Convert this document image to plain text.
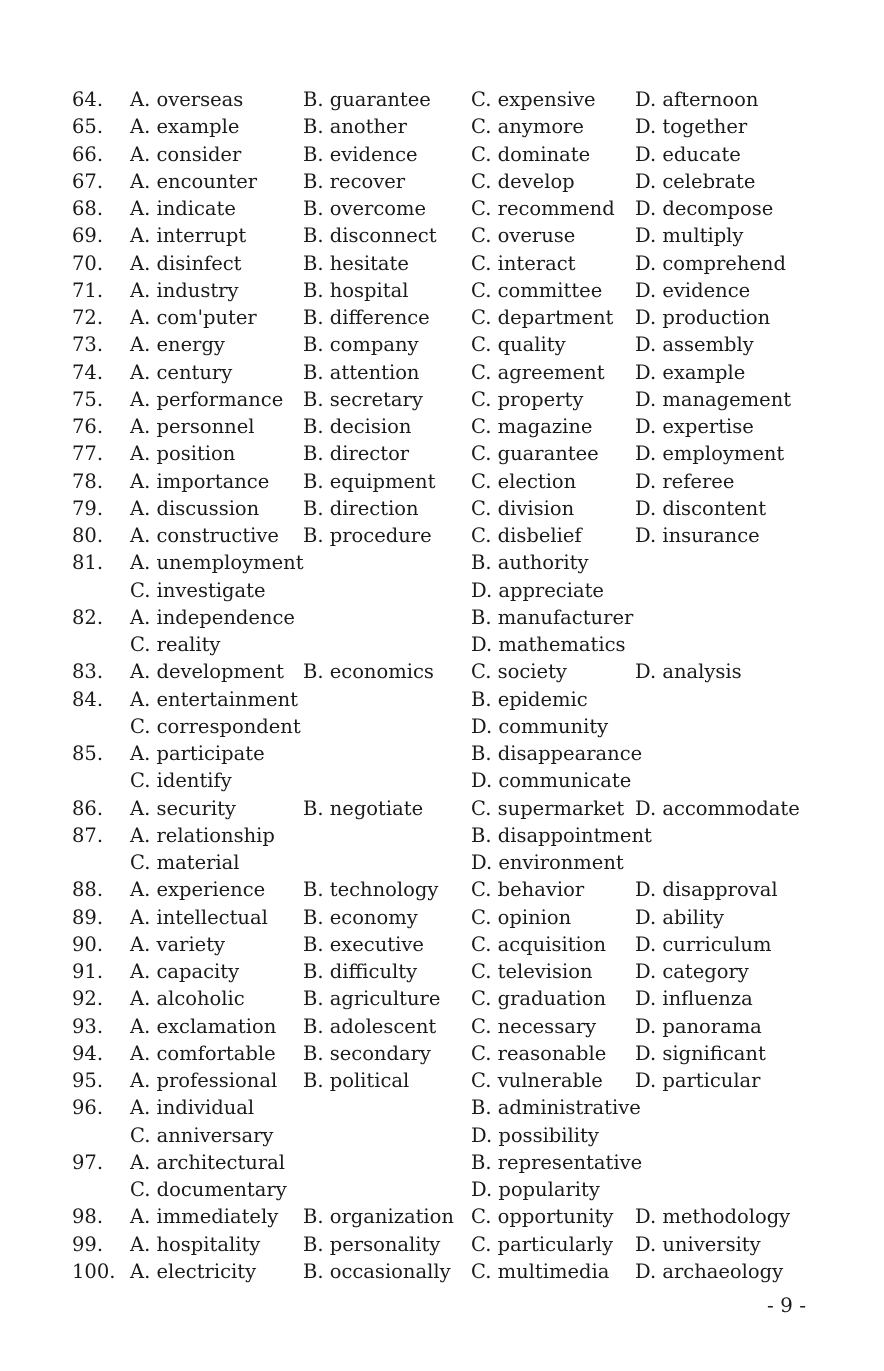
64. A. overseas	B. guarantee C. expensive D. afternoon
65. A. example	B. another	C. anymore	D. together
66. A. consider	B. evidence	C. dominate D. educate
67. A. encounter B. recover	C. develop	D. celebrate
68. A. indicate	B. overcome C. recommend D. decompose
69. A. interrupt	B. disconnect C. overuse	D. multiply
70. A. disinfect	B. hesitate	C. interact	D. comprehend
71. A. industry	B. hospital	C. committee D. evidence
72. A. com'puter B. difference C. department D. production
73. A. energy	B. company	C. quality	D. assembly
74. A. century	B. attention	C. agreement D. example
75. A. performance B. secretary C. property	D. management
76. A. personnel B. decision	C. magazine D. expertise
77. A. position	B. director	C. guarantee D. employment
78. A. importance B. equipment C. election	D. referee
79. A. discussion B. direction	C. division	D. discontent
80. A. constructive B. procedure C. disbelief	D. insurance
81. A. unemployment	B. authority
C. investigate	D. appreciate
82. A. independence	B. manufacturer
C. reality	D. mathematics
83. A. development B. economics C. society	D. analysis
84. A. entertainment	B. epidemic
C. correspondent	D. community
85. A. participate	B. disappearance
C. identify	D. communicate
86. A. security	B. negotiate C. supermarket D. accommodate
87. A. relationship	B. disappointment
C. material	D. environment
88. A. experience B. technology C. behavior	D. disapproval
89. A. intellectual B. economy	C. opinion	D. ability
90. A. variety	B. executive C. acquisition D. curriculum
91. A. capacity	B. difficulty	C. television D. category
92. A. alcoholic	B. agriculture C. graduation D. influenza
93. A. exclamation B. adolescent C. necessary D. panorama
94. A. comfortable B. secondary C. reasonable D. significant
95. A. professional B. political	C. vulnerable D. particular
96. A. individual	B. administrative
C. anniversary	D. possibility
97. A. architectural	B. representative
C. documentary	D. popularity
98. A. immediately B. organization C. opportunity D. methodology
99. A. hospitality B. personality C. particularly D. university
100. A. electricity B. occasionally C. multimedia D. archaeology
- 9 -
